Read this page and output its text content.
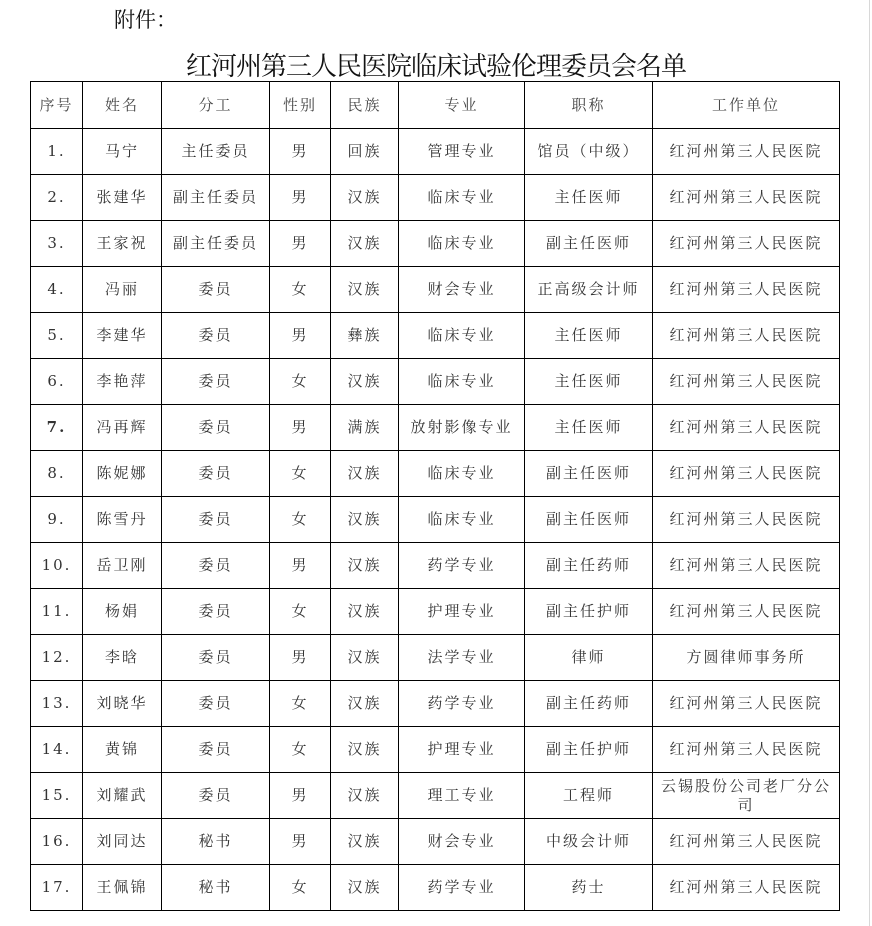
附件：
红河州第三人民医院临床试验伦理委员会名单
序号	姓名	分工	性别	民族	专业	职称	工作单位
1.	马宁	主任委员	男	回族	管理专业	馆员（中级）	红河州第三人民医院
2.	张建华	副主任委员	男	汉族	临床专业	主任医师	红河州第三人民医院
3.	王家祝	副主任委员	男	汉族	临床专业	副主任医师	红河州第三人民医院
4.	冯丽	委员	女	汉族	财会专业	正高级会计师	红河州第三人民医院
5.	李建华	委员	男	彝族	临床专业	主任医师	红河州第三人民医院
6.	李艳萍	委员	女	汉族	临床专业	主任医师	红河州第三人民医院
7.	冯再辉	委员	男	满族	放射影像专业	主任医师	红河州第三人民医院
8.	陈妮娜	委员	女	汉族	临床专业	副主任医师	红河州第三人民医院
9.	陈雪丹	委员	女	汉族	临床专业	副主任医师	红河州第三人民医院
10.	岳卫刚	委员	男	汉族	药学专业	副主任药师	红河州第三人民医院
11.	杨娟	委员	女	汉族	护理专业	副主任护师	红河州第三人民医院
12.	李晗	委员	男	汉族	法学专业	律师	方圆律师事务所
13.	刘晓华	委员	女	汉族	药学专业	副主任药师	红河州第三人民医院
14.	黄锦	委员	女	汉族	护理专业	副主任护师	红河州第三人民医院
15.	刘耀武	委员	男	汉族	理工专业	工程师	云锡股份公司老厂分公司
16.	刘同达	秘书	男	汉族	财会专业	中级会计师	红河州第三人民医院
17.	王佩锦	秘书	女	汉族	药学专业	药士	红河州第三人民医院
